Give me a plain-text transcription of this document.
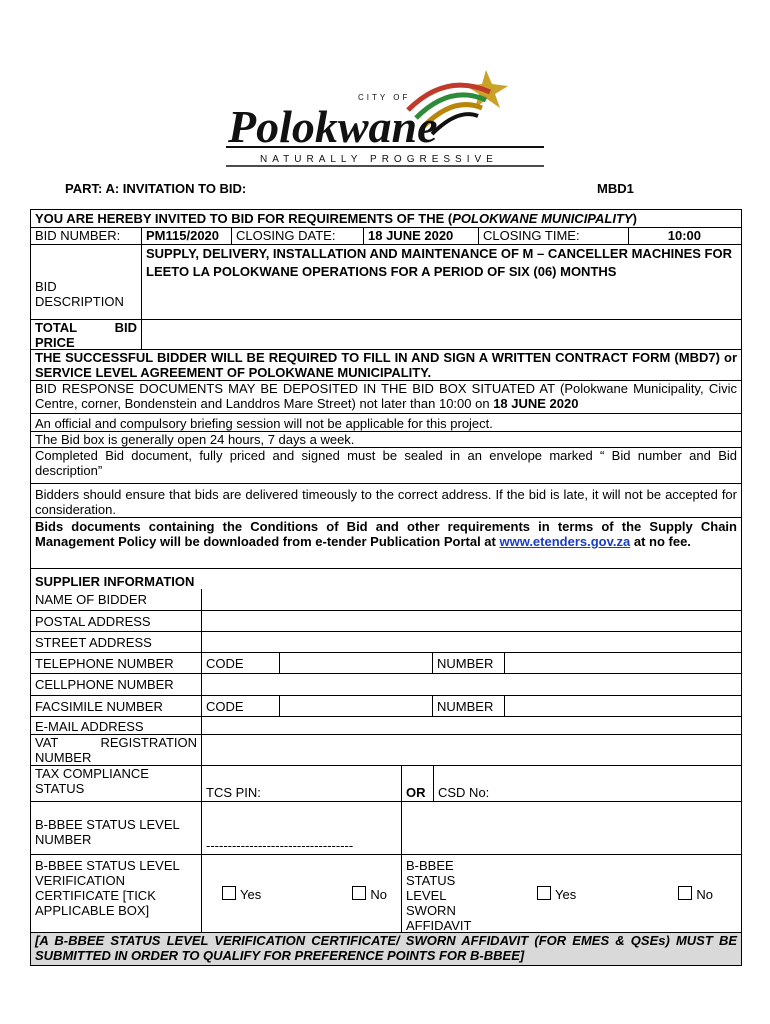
CITY OF
Polokwane
NATURALLY PROGRESSIVE
PART: A: INVITATION TO BID:	MBD1
YOU ARE HEREBY INVITED TO BID FOR REQUIREMENTS OF THE (POLOKWANE MUNICIPALITY)
BID NUMBER:	PM115/2020	CLOSING DATE:	18 JUNE 2020	CLOSING TIME:	10:00
BID DESCRIPTION
SUPPLY, DELIVERY, INSTALLATION AND MAINTENANCE OF M – CANCELLER MACHINES FOR LEETO LA POLOKWANE OPERATIONS FOR A PERIOD OF SIX (06) MONTHS
TOTAL BID PRICE
THE SUCCESSFUL BIDDER WILL BE REQUIRED TO FILL IN AND SIGN A WRITTEN CONTRACT FORM (MBD7) or SERVICE LEVEL AGREEMENT OF POLOKWANE MUNICIPALITY.
BID RESPONSE DOCUMENTS MAY BE DEPOSITED IN THE BID BOX SITUATED AT (Polokwane Municipality, Civic Centre, corner, Bondenstein and Landdros Mare Street) not later than 10:00 on 18 JUNE 2020
An official and compulsory briefing session will not be applicable for this project.
The Bid box is generally open 24 hours, 7 days a week.
Completed Bid document, fully priced and signed must be sealed in an envelope marked “ Bid number and Bid description”
Bidders should ensure that bids are delivered timeously to the correct address. If the bid is late, it will not be accepted for consideration.
Bids documents containing the Conditions of Bid and other requirements in terms of the Supply Chain Management Policy will be downloaded from e-tender Publication Portal at www.etenders.gov.za at no fee.
SUPPLIER INFORMATION
NAME OF BIDDER
POSTAL ADDRESS
STREET ADDRESS
TELEPHONE NUMBER	CODE	NUMBER
CELLPHONE NUMBER
FACSIMILE NUMBER	CODE	NUMBER
E-MAIL ADDRESS
VAT REGISTRATION NUMBER
TAX COMPLIANCE STATUS	TCS PIN:	OR CSD No:
B-BBEE STATUS LEVEL NUMBER	----------------------------------
B-BBEE STATUS LEVEL VERIFICATION CERTIFICATE [TICK APPLICABLE BOX]
Yes	No
B-BBEE STATUS LEVEL SWORN AFFIDAVIT
Yes	No
[A B-BBEE STATUS LEVEL VERIFICATION CERTIFICATE/ SWORN AFFIDAVIT (FOR EMES & QSEs) MUST BE SUBMITTED IN ORDER TO QUALIFY FOR PREFERENCE POINTS FOR B-BBEE]
